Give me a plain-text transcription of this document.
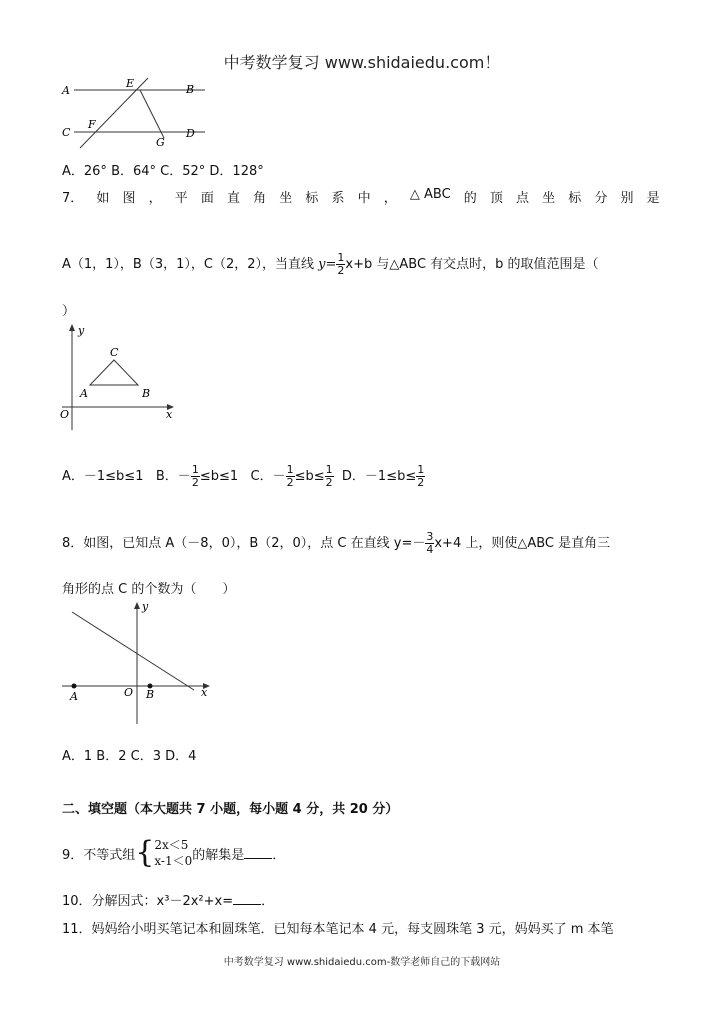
中考数学复习 www.shidaiedu.com！
A	B
C	D
E
F
G
A．26° B．64° C．52° D．128°
7． 如 图 ， 平 面 直 角 坐 标 系 中 ， △ ABC 的 顶 点 坐 标 分 别 是
A（1，1），B（3，1），C（2，2），当直线 $y= \frac{1}{2} x+b$ 与△ABC 有交点时，b 的取值范围是（
）
y
x
O
A	B
C
A．－1≤b≤1 B．－ $\frac{1}{2} \le b\le 1$ C．－ $\frac{1}{2} \le b\le \frac{1}{2}$ D．$-1\le b\le \frac{1}{2}$
8．如图，已知点 A（－8，0），B（2，0），点 C 在直线 $y=- \frac{3}{4} x+4$ 上，则使△ABC 是直角三
角形的点 C 的个数为（　　）
y
x
O
A	B
A．1 B．2 C．3 D．4
二、填空题（本大题共 7 小题，每小题 4 分，共 20 分）
9．不等式组 { 2x＜5
x-1＜0 的解集是 ．
10．分解因式：x³－2x²+x= ．
11．妈妈给小明买笔记本和圆珠笔．已知每本笔记本 4 元，每支圆珠笔 3 元，妈妈买了 m 本笔
中考数学复习 www.shidaiedu.com-数学老师自己的下载网站
